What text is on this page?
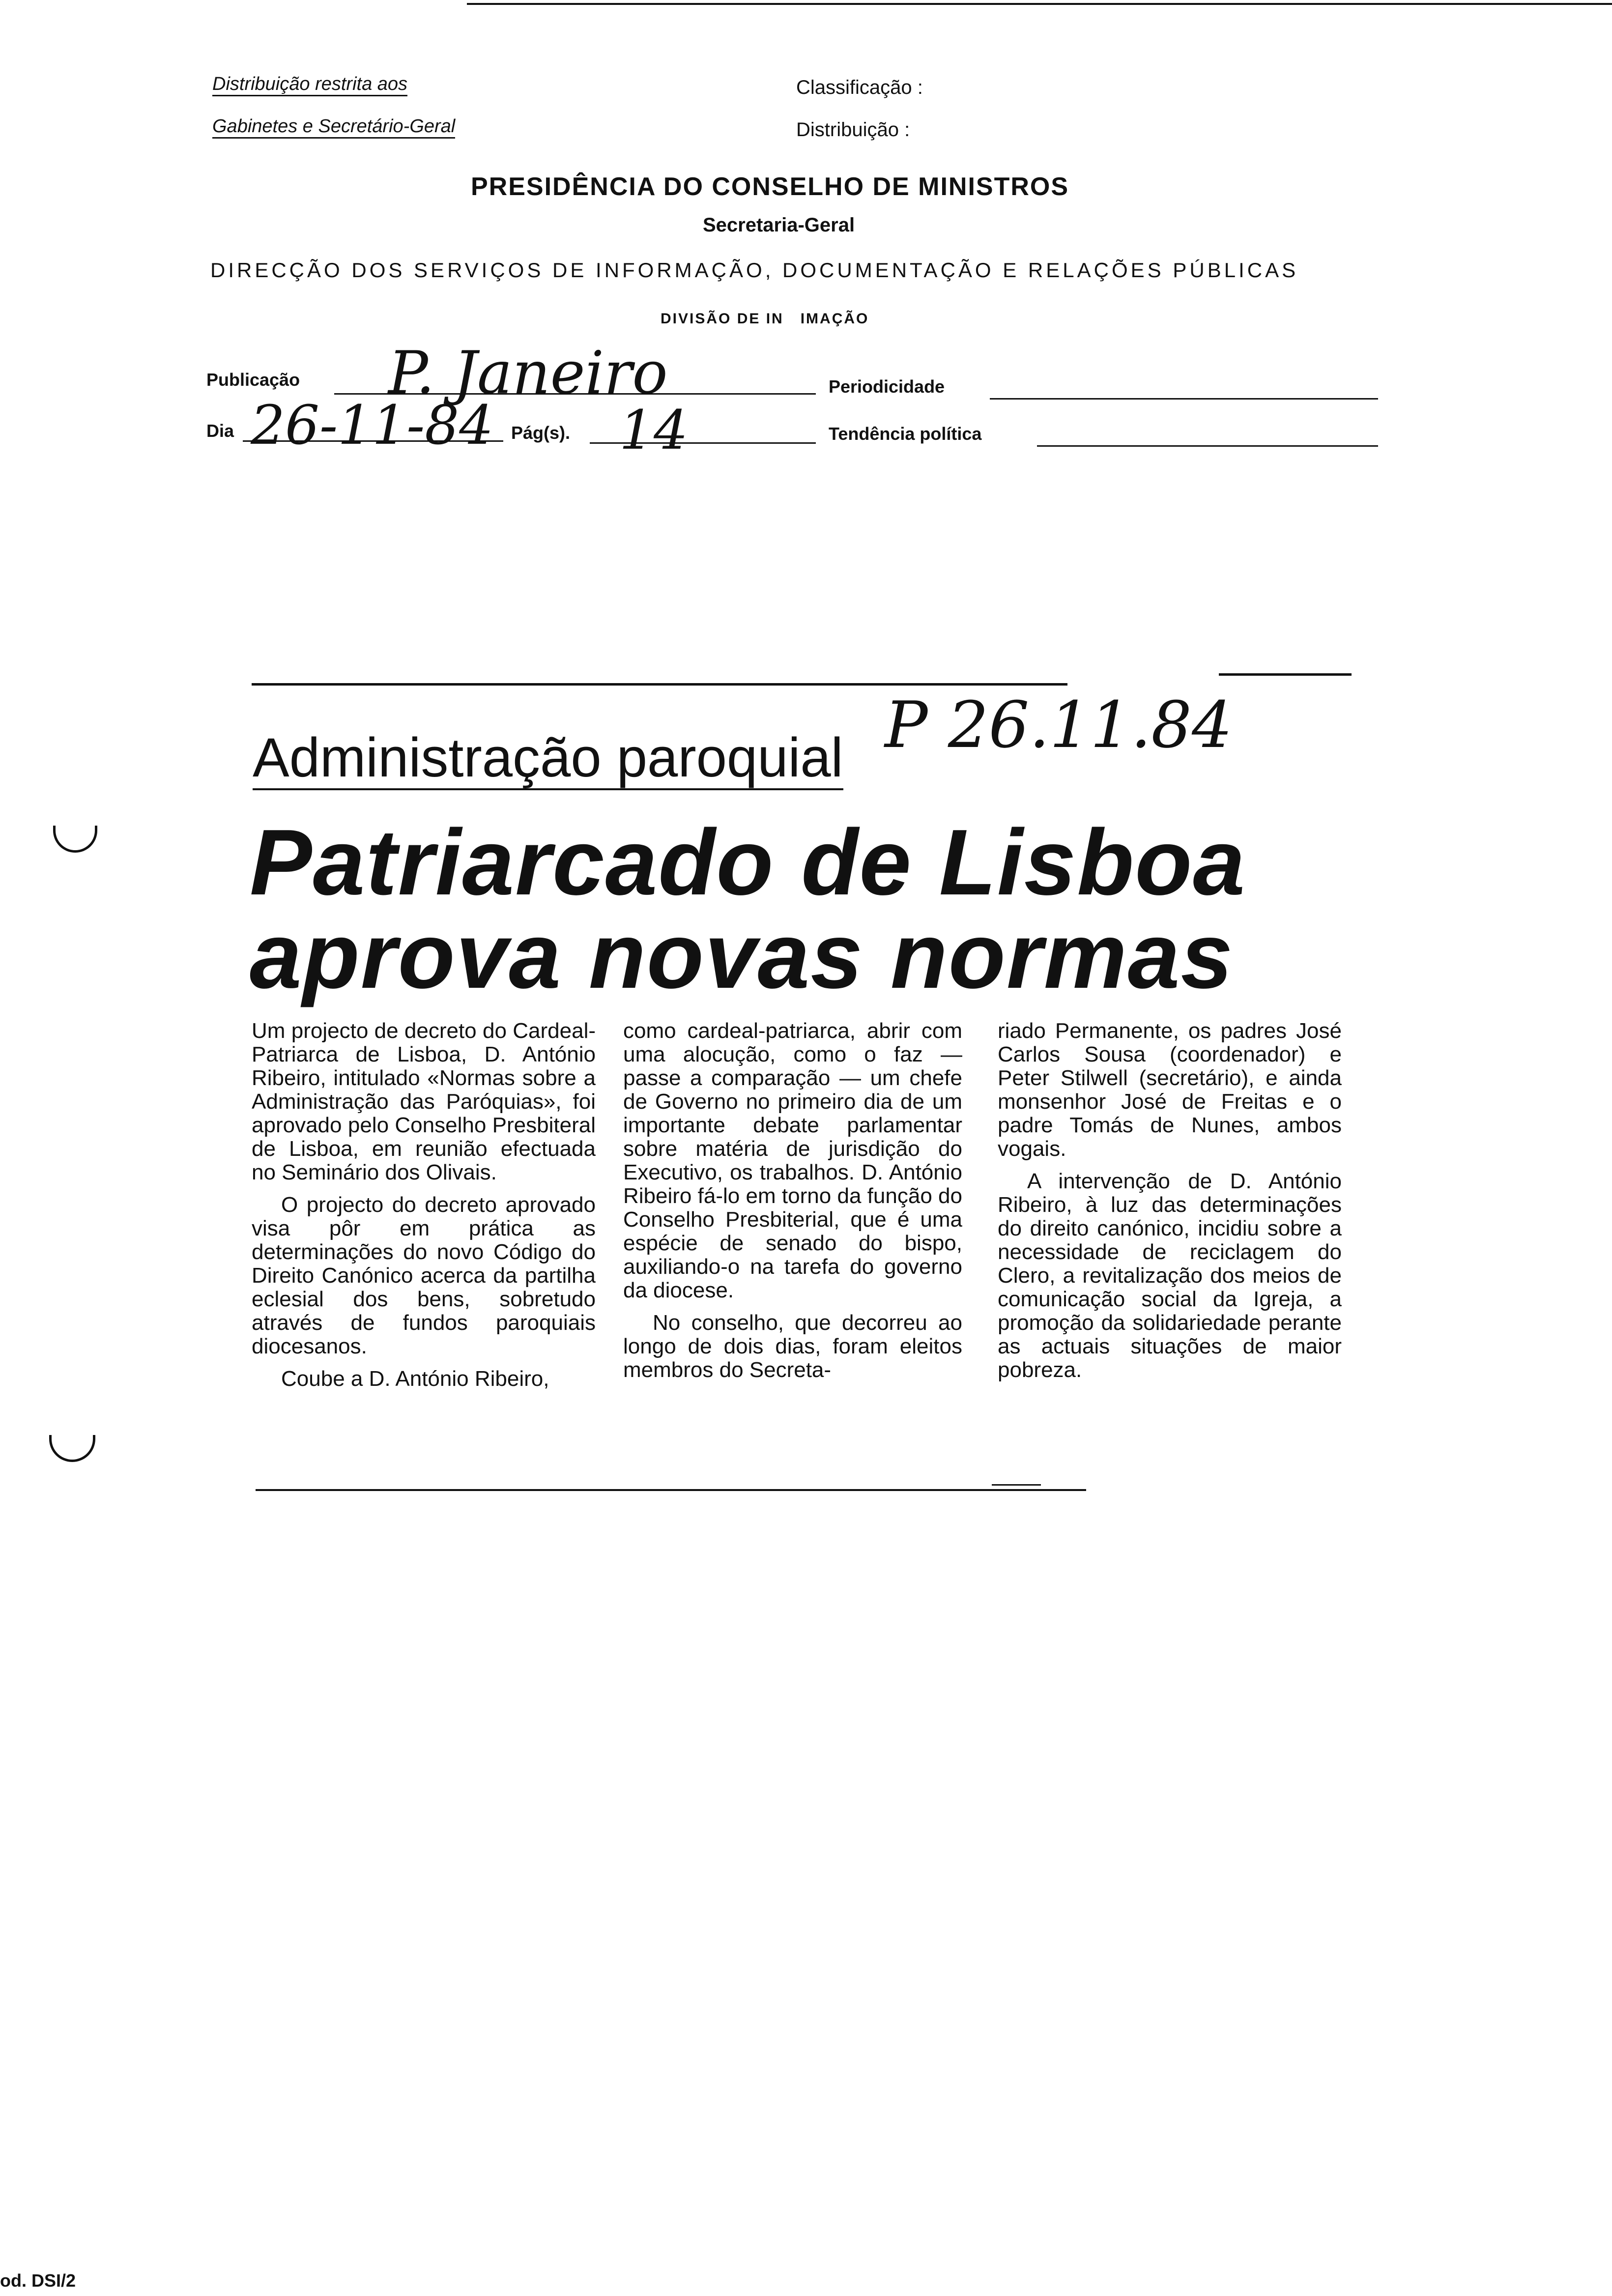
Distribuição restrita aos
Gabinetes e Secretário-Geral
Classificação :
Distribuição :
PRESIDÊNCIA DO CONSELHO DE MINISTROS
Secretaria-Geral
DIRECÇÃO DOS SERVIÇOS DE INFORMAÇÃO, DOCUMENTAÇÃO E RELAÇÕES PÚBLICAS
DIVISÃO DE IN   IMAÇÃO
Publicação P. Janeiro	Periodicidade
Dia 26-11-84 Pág(s). 14	Tendência política
Administração paroquial P 26.11.84
Patriarcado de Lisboa
aprova novas normas

Um projecto de decreto do Cardeal-Patriarca de Lisboa, D. António Ribeiro, intitulado «Normas sobre a Administração das Paróquias», foi aprovado pelo Conselho Presbiteral de Lisboa, em reunião efectuada no Seminário dos Olivais.

O projecto do decreto aprovado visa pôr em prática as determinações do novo Código do Direito Canónico acerca da partilha eclesial dos bens, sobretudo através de fundos paroquiais diocesanos.

Coube a D. António Ribeiro,

como cardeal-patriarca, abrir com uma alocução, como o faz — passe a comparação — um chefe de Governo no primeiro dia de um importante debate parlamentar sobre matéria de jurisdição do Executivo, os trabalhos. D. António Ribeiro fá-lo em torno da função do Conselho Presbiterial, que é uma espécie de senado do bispo, auxiliando-o na tarefa do governo da diocese.

No conselho, que decorreu ao longo de dois dias, foram eleitos membros do Secreta-

riado Permanente, os padres José Carlos Sousa (coordenador) e Peter Stilwell (secretário), e ainda monsenhor José de Freitas e o padre Tomás de Nunes, ambos vogais.

A intervenção de D. António Ribeiro, à luz das determinações do direito canónico, incidiu sobre a necessidade de reciclagem do Clero, a revitalização dos meios de comunicação social da Igreja, a promoção da solidariedade perante as actuais situações de maior pobreza.

od. DSI/2
